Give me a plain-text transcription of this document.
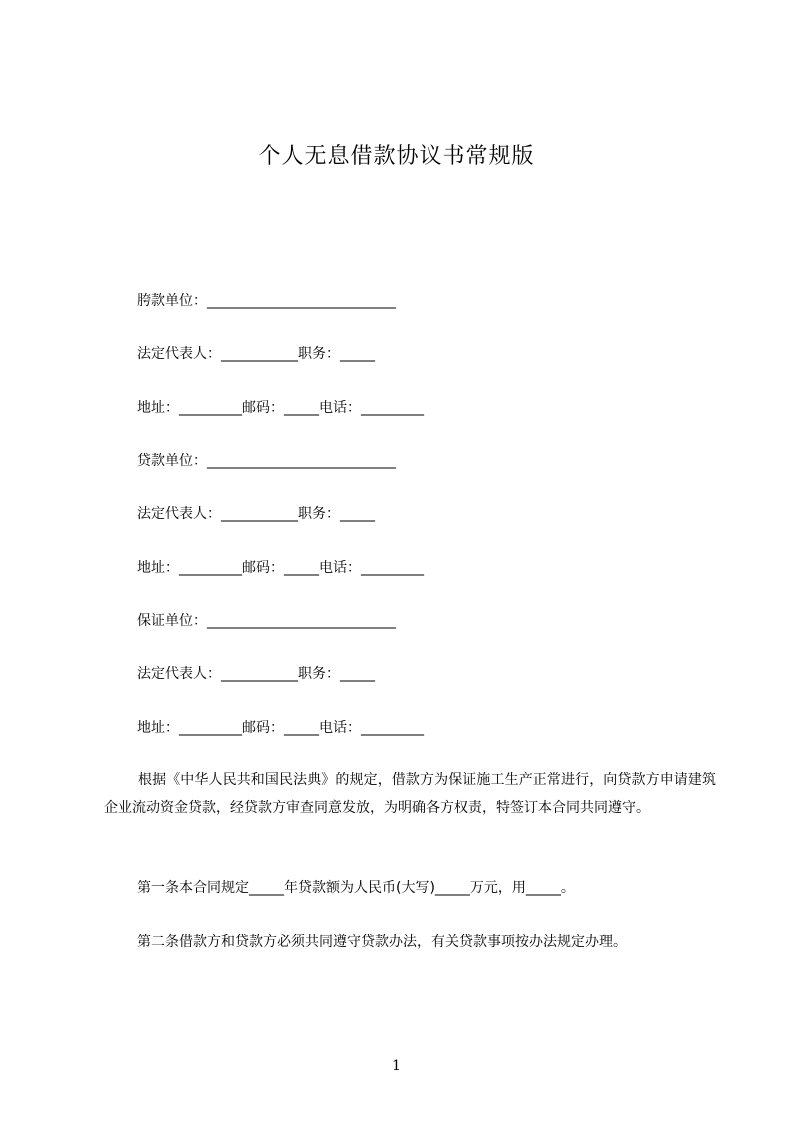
个人无息借款协议书常规版
胯款单位：___________________________
法定代表人：___________职务：_____
地址：_________邮码：_____电话：_________
贷款单位：___________________________
法定代表人：___________职务：_____
地址：_________邮码：_____电话：_________
保证单位：___________________________
法定代表人：___________职务：_____
地址：_________邮码：_____电话：_________
根据《中华人民共和国民法典》的规定，借款方为保证施工生产正常进行，向贷款方申请建筑企业流动资金贷款，经贷款方审查同意发放，为明确各方权责，特签订本合同共同遵守。
第一条本合同规定_____年贷款额为人民币(大写)_____万元，用_____。
第二条借款方和贷款方必须共同遵守贷款办法，有关贷款事项按办法规定办理。
1
